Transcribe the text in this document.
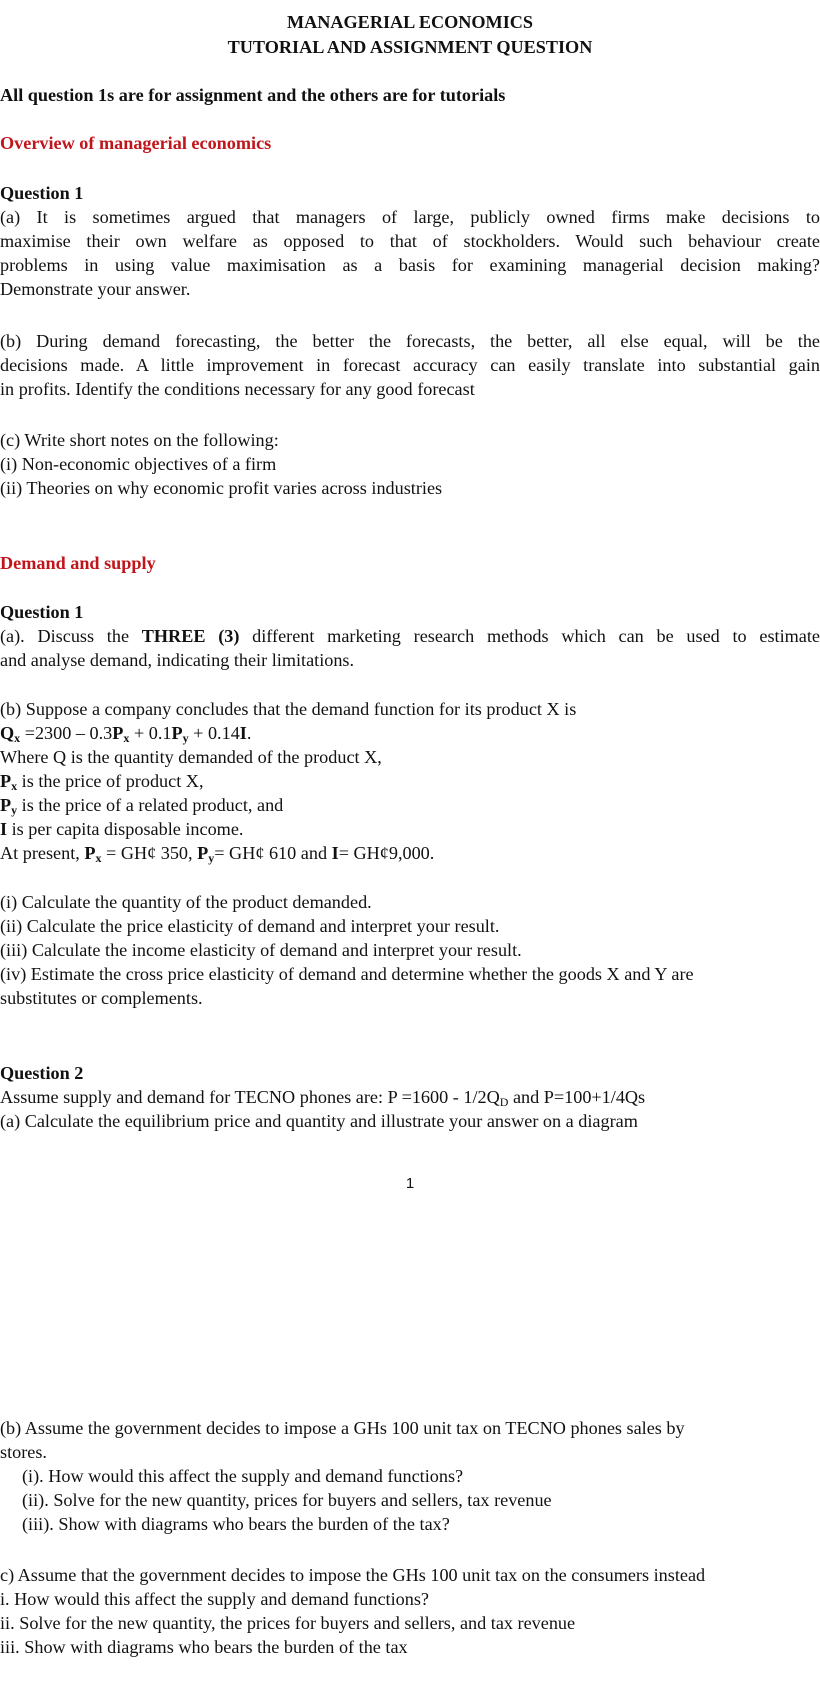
MANAGERIAL ECONOMICS
TUTORIAL AND ASSIGNMENT QUESTION
All question 1s are for assignment and the others are for tutorials
Overview of managerial economics
Question 1
(a) It is sometimes argued that managers of large, publicly owned firms make decisions to
maximise their own welfare as opposed to that of stockholders. Would such behaviour create
problems in using value maximisation as a basis for examining managerial decision making?
Demonstrate your answer.
(b) During demand forecasting, the better the forecasts, the better, all else equal, will be the
decisions made. A little improvement in forecast accuracy can easily translate into substantial gain
in profits. Identify the conditions necessary for any good forecast
(c) Write short notes on the following:
(i) Non-economic objectives of a firm
(ii) Theories on why economic profit varies across industries
Demand and supply
Question 1
(a). Discuss the THREE (3) different marketing research methods which can be used to estimate
and analyse demand, indicating their limitations.
(b) Suppose a company concludes that the demand function for its product X is
$Q_x =2300 - 0.3P_x + 0.1P_y + 0.14I$.
Where Q is the quantity demanded of the product X,
$P_x$ is the price of product X,
$P_y$ is the price of a related product, and
I is per capita disposable income.
At present, $P_x$ = GH¢ 350, $P_y=$ GH¢ 610 and I= GH¢9,000.
(i) Calculate the quantity of the product demanded.
(ii) Calculate the price elasticity of demand and interpret your result.
(iii) Calculate the income elasticity of demand and interpret your result.
(iv) Estimate the cross price elasticity of demand and determine whether the goods X and Y are
substitutes or complements.
Question 2
Assume supply and demand for TECNO phones are: P =1600 - 1/2QD and P=100+1/4Qs
(a) Calculate the equilibrium price and quantity and illustrate your answer on a diagram
1
(b) Assume the government decides to impose a GHs 100 unit tax on TECNO phones sales by
stores.
(i). How would this affect the supply and demand functions?
(ii). Solve for the new quantity, prices for buyers and sellers, tax revenue
(iii). Show with diagrams who bears the burden of the tax?
c) Assume that the government decides to impose the GHs 100 unit tax on the consumers instead
i. How would this affect the supply and demand functions?
ii. Solve for the new quantity, the prices for buyers and sellers, and tax revenue
iii. Show with diagrams who bears the burden of the tax
